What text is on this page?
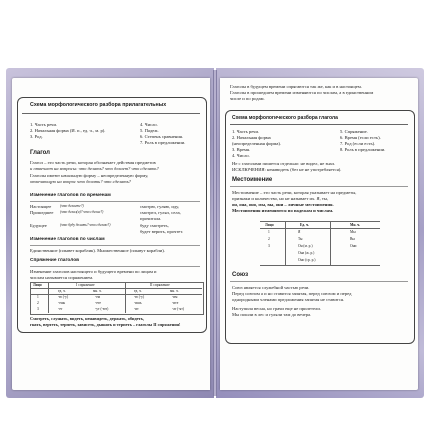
Схема морфологического разбора прилагательных
1. Часть речи.
2. Начальная форма (И. п., ед. ч., м. р).
3. Род.
4. Число.
5. Падеж.
6. Степень сравнения.
7. Роль в предложении.
Глагол
Глагол – это часть речи, которая обозначает действия предметов
и отвечает на вопросы: что делать? что делает? что сделать?
Глаголы имеют начальную форму – неопределенную форму,
отвечающую на вопрос что делать? что сделать?
Изменение глаголов по временам
Настоящее (что делаете?)	смотрю, гуляю, иду,
Прошедшее (что делал(а)? что сделал?)	смотрел, гулял, села,
прочитала.
Будущее	(что буду делать? что сделаю?)	буду смотреть,
будет верить, прочтет.
Изменение глаголов по числам
Единственное (плывет кораблик). Множественное (плывут корабли).
Спряжение глаголов
Изменение глаголов настоящего и будущего времени по лицам и
числам называется спряжением.
Лицо	I спряжение	II спряжение
ед. ч.	мн. ч.	ед. ч.	мн. ч.
1	-ю (-у)	-ем	-ю (-у)	-им
2	-ешь	-ете	-ишь	-ите
3	-ет	-ут (-ют)	-ит	-ат (-ят)
Смотреть, слушать, видеть, ненавидеть, держать, обидеть,
гнать, вертеть, терпеть, зависеть, дышать и терпеть – глаголы II спряжения!
Глаголы в будущем времени спрягаются так же, как и в настоящем.
Глаголы в прошедшем времени изменяются по числам, а в единственном
числе и по родам.
Схема морфологического разбора глагола
1. Часть речи.
2. Начальная форма
(неопределенная форма).
3. Время.
4. Число.
5. Спряжение.
6. Время (если есть).
7. Род (если есть).
8. Роль в предложении.
Не с глаголами пишется отдельно: не видел, не знал.
ИСКЛЮЧЕНИЯ: ненавидеть (без не не употребляется).
Местоимение
Местоимение – это часть речи, которая указывает на предметы,
признаки и количество, но не называет их. Я, ты,
он, она, оно, мы, вы, они – личные местоимения.
Местоимения изменяются по падежам и числам.
Лицо	Ед. ч.	Мн. ч.
1	Я	Мы
2	Ты	Вы
3	Он (м. р.)	Они
Она (ж. р.)
Оно (ср. р.)
Союз
Союз является служебной частью речи.
Перед союзом а и но ставится запятая, перед союзом и перед
однородными членами предложения запятая не ставится.
Наступила весна, но грачи еще не прилетели.
Мы пошли в лес и гуляли там до вечера.
